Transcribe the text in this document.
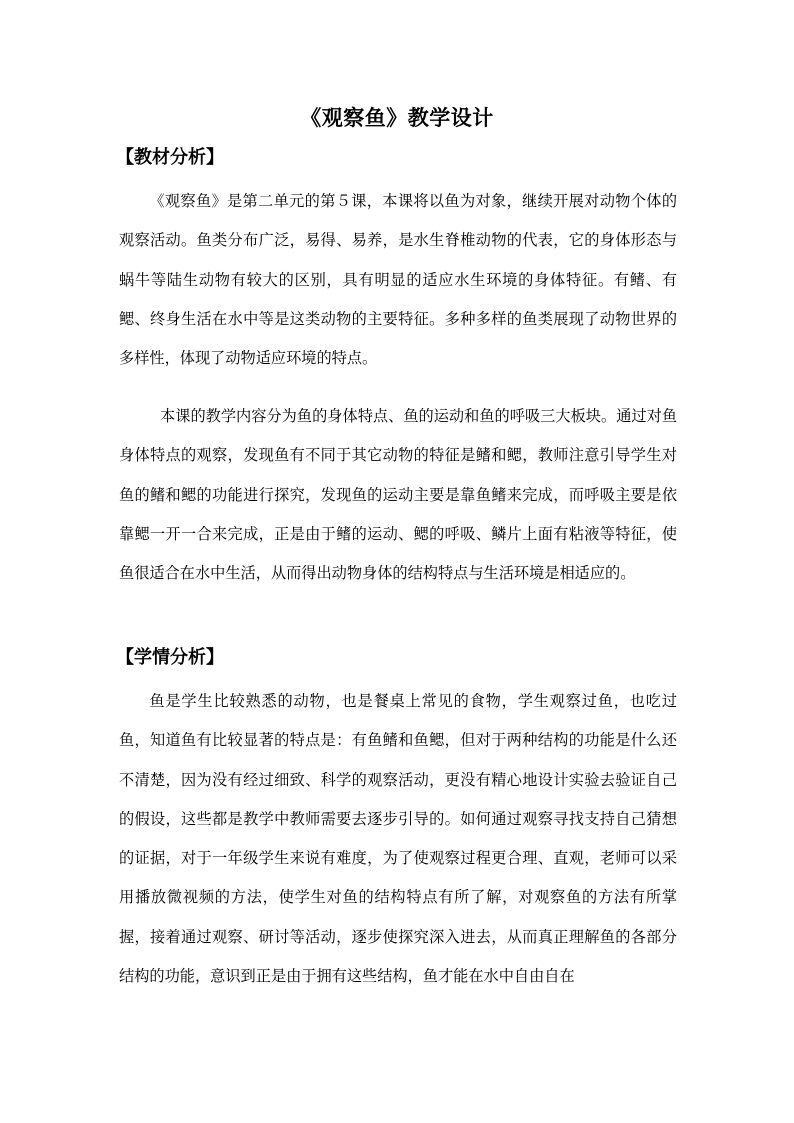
《观察鱼》教学设计
【教材分析】

《观察鱼》是第二单元的第５课，本课将以鱼为对象，继续开展对动物个体的观察活动。鱼类分布广泛，易得、易养，是水生脊椎动物的代表，它的身体形态与蜗牛等陆生动物有较大的区别，具有明显的适应水生环境的身体特征。有鳍、有鳃、终身生活在水中等是这类动物的主要特征。多种多样的鱼类展现了动物世界的多样性，体现了动物适应环境的特点。

本课的教学内容分为鱼的身体特点、鱼的运动和鱼的呼吸三大板块。通过对鱼身体特点的观察，发现鱼有不同于其它动物的特征是鳍和鳃，教师注意引导学生对鱼的鳍和鳃的功能进行探究，发现鱼的运动主要是靠鱼鳍来完成，而呼吸主要是依靠鳃一开一合来完成，正是由于鳍的运动、鳃的呼吸、鳞片上面有粘液等特征，使鱼很适合在水中生活，从而得出动物身体的结构特点与生活环境是相适应的。

【学情分析】

鱼是学生比较熟悉的动物，也是餐桌上常见的食物，学生观察过鱼，也吃过鱼，知道鱼有比较显著的特点是：有鱼鳍和鱼鳃，但对于两种结构的功能是什么还不清楚，因为没有经过细致、科学的观察活动，更没有精心地设计实验去验证自己的假设，这些都是教学中教师需要去逐步引导的。如何通过观察寻找支持自己猜想的证据，对于一年级学生来说有难度，为了使观察过程更合理、直观，老师可以采用播放微视频的方法，使学生对鱼的结构特点有所了解，对观察鱼的方法有所掌握，接着通过观察、研讨等活动，逐步使探究深入进去，从而真正理解鱼的各部分结构的功能，意识到正是由于拥有这些结构，鱼才能在水中自由自在
